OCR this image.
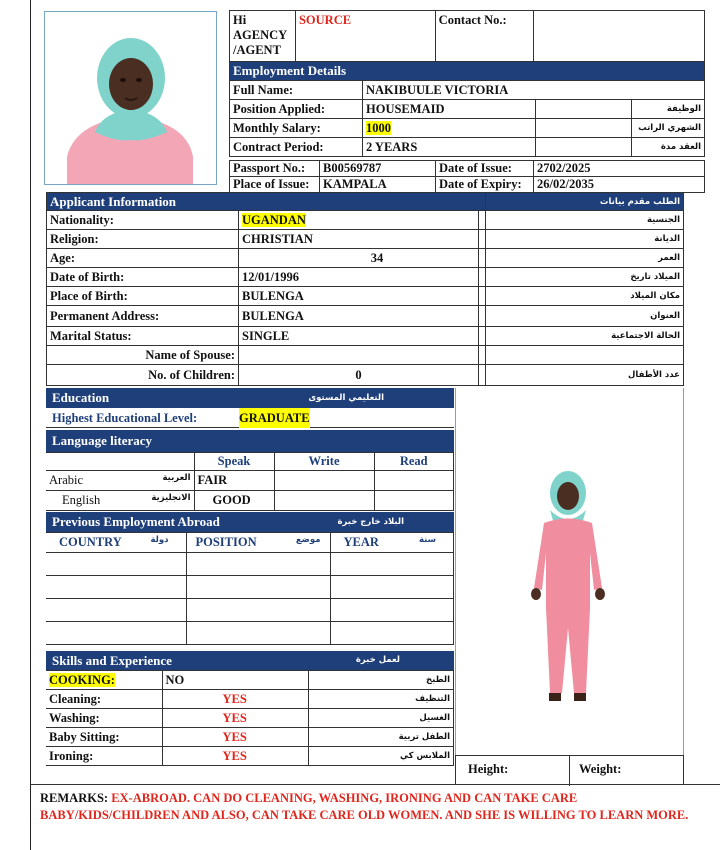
Hi
AGENCY
/AGENT
	SOURCE	Contact No.:	
Employment Details			
Full Name:	NAKIBUULE VICTORIA		
Position Applied:	HOUSEMAID		الوظيفة
Monthly Salary:	1000		الشهري الراتب
Contract Period:	2 YEARS		العقد مدة
Passport No.:	B00569787	Date of Issue:	2702/2025
Place of Issue:	KAMPALA	Date of Expiry:	26/02/2035
Applicant Information			الطلب مقدم بيانات
Nationality:	UGANDAN		الجنسية
Religion:	CHRISTIAN		الديانة
Age:	34		العمر
Date of Birth:	12/01/1996		الميلاد تاريخ
Place of Birth:	BULENGA		مكان الميلاد
Permanent Address:	BULENGA		العنوان
Marital Status:	SINGLE		الحالة الاجتماعية
Name of Spouse:			
No. of Children:	0		عدد الأطفال
Education	التعليمي المستوى
Highest Educational Level:	GRADUATE
Language literacy
	Speak	Write	Read
Arabic العربية	FAIR		
English الانجليزية	GOOD		
Previous Employment Abroad	البلاد خارج خبرة
COUNTRY دولة	POSITION موضع	YEAR سنة

Skills and Experience	لعمل خبرة
COOKING:	NO	الطبخ
Cleaning:	YES	التنظيف
Washing:	YES	الغسيل
Baby Sitting:	YES	الطفل تربية
Ironing:	YES	الملابس كي
Height:	Weight:
REMARKS: EX-ABROAD. CAN DO CLEANING, WASHING, IRONING AND CAN TAKE CARE
BABY/KIDS/CHILDREN AND ALSO, CAN TAKE CARE OLD WOMEN. AND SHE IS WILLING TO LEARN MORE.
